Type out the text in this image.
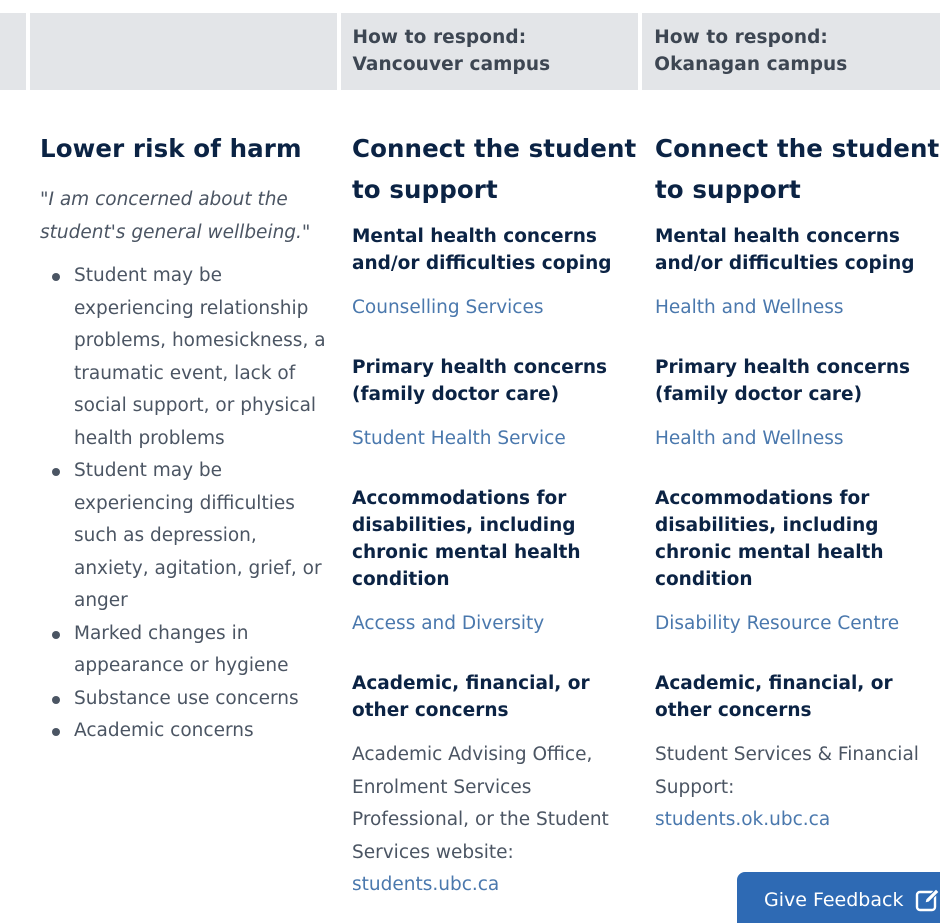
How to respond: Vancouver campus
How to respond: Okanagan campus
Lower risk of harm
"I am concerned about the student's general wellbeing."
Student may be experiencing relationship problems, homesickness, a traumatic event, lack of social support, or physical health problems
Student may be experiencing difficulties such as depression, anxiety, agitation, grief, or anger
Marked changes in appearance or hygiene
Substance use concerns
Academic concerns
Connect the student to support
Mental health concerns and/or difficulties coping
Counselling Services
Primary health concerns (family doctor care)
Student Health Service
Accommodations for disabilities, including chronic mental health condition
Access and Diversity
Academic, financial, or other concerns
Academic Advising Office, Enrolment Services Professional, or the Student Services website:
students.ubc.ca
Connect the student to support
Mental health concerns and/or difficulties coping
Health and Wellness
Primary health concerns (family doctor care)
Health and Wellness
Accommodations for disabilities, including chronic mental health condition
Disability Resource Centre
Academic, financial, or other concerns
Student Services & Financial Support:
students.ok.ubc.ca
Give Feedback
